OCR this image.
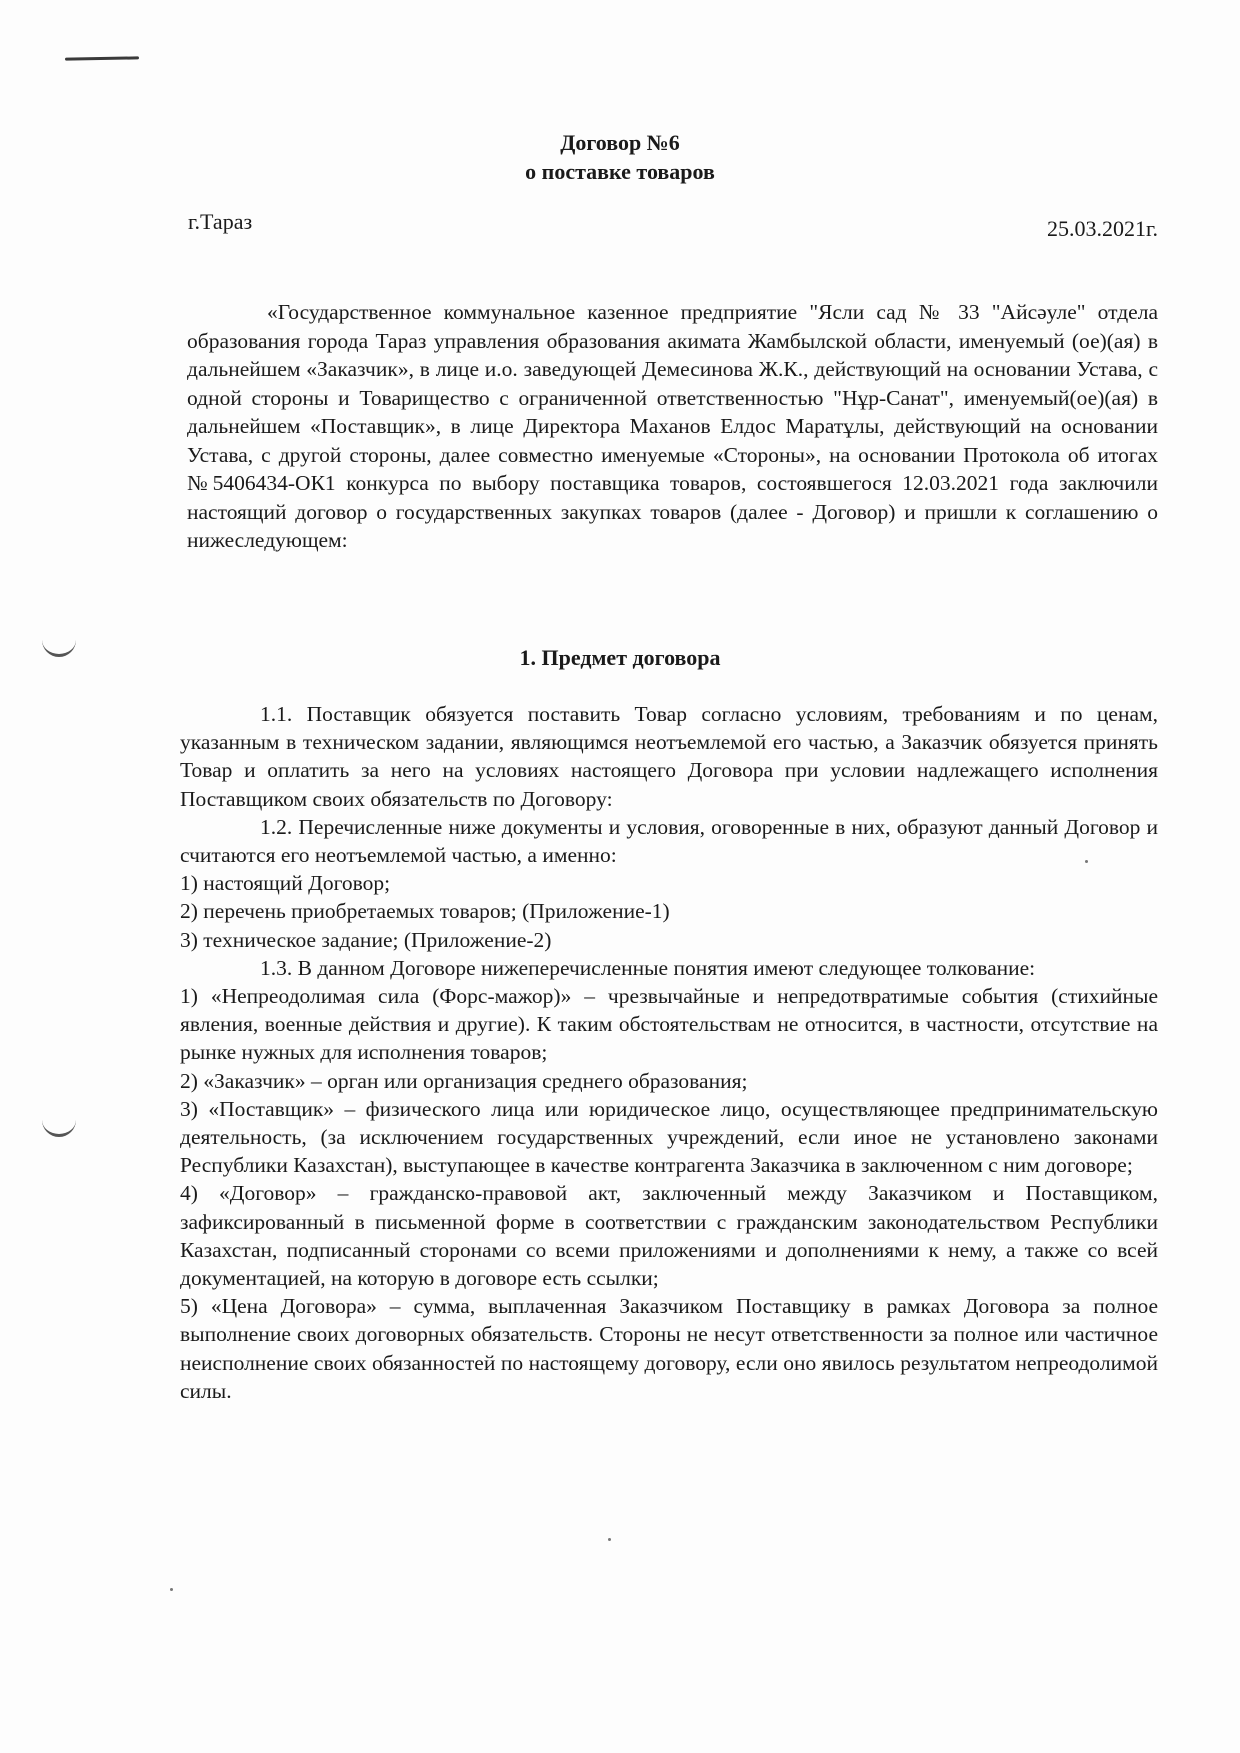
Договор №6
о поставке товаров
г.Тараз	25.03.2021г.
«Государственное коммунальное казенное предприятие "Ясли сад № 33 "Айсәуле" отдела образования города Тараз управления образования акимата Жамбылской области, именуемый (ое)(ая) в дальнейшем «Заказчик», в лице и.о. заведующей Демесинова Ж.К., действующий на основании Устава, с одной стороны и Товарищество с ограниченной ответственностью "Нұр-Санат", именуемый(ое)(ая) в дальнейшем «Поставщик», в лице Директора Маханов Елдос Маратұлы, действующий на основании Устава, с другой стороны, далее совместно именуемые «Стороны», на основании Протокола об итогах №5406434-ОК1 конкурса по выбору поставщика товаров, состоявшегося 12.03.2021 года заключили настоящий договор о государственных закупках товаров (далее - Договор) и пришли к соглашению о нижеследующем:
1. Предмет договора

1.1. Поставщик обязуется поставить Товар согласно условиям, требованиям и по ценам, указанным в техническом задании, являющимся неотъемлемой его частью, а Заказчик обязуется принять Товар и оплатить за него на условиях настоящего Договора при условии надлежащего исполнения Поставщиком своих обязательств по Договору:

1.2. Перечисленные ниже документы и условия, оговоренные в них, образуют данный Договор и считаются его неотъемлемой частью, а именно:

1) настоящий Договор;

2) перечень приобретаемых товаров; (Приложение-1)

3) техническое задание; (Приложение-2)

1.3. В данном Договоре нижеперечисленные понятия имеют следующее толкование:

1) «Непреодолимая сила (Форс-мажор)» – чрезвычайные и непредотвратимые события (стихийные явления, военные действия и другие). К таким обстоятельствам не относится, в частности, отсутствие на рынке нужных для исполнения товаров;

2) «Заказчик» – орган или организация среднего образования;

3) «Поставщик» – физического лица или юридическое лицо, осуществляющее предпринимательскую деятельность, (за исключением государственных учреждений, если иное не установлено законами Республики Казахстан), выступающее в качестве контрагента Заказчика в заключенном с ним договоре;

4) «Договор» – гражданско-правовой акт, заключенный между Заказчиком и Поставщиком, зафиксированный в письменной форме в соответствии с гражданским законодательством Республики Казахстан, подписанный сторонами со всеми приложениями и дополнениями к нему, а также со всей документацией, на которую в договоре есть ссылки;

5) «Цена Договора» – сумма, выплаченная Заказчиком Поставщику в рамках Договора за полное выполнение своих договорных обязательств. Стороны не несут ответственности за полное или частичное неисполнение своих обязанностей по настоящему договору, если оно явилось результатом непреодолимой силы.
